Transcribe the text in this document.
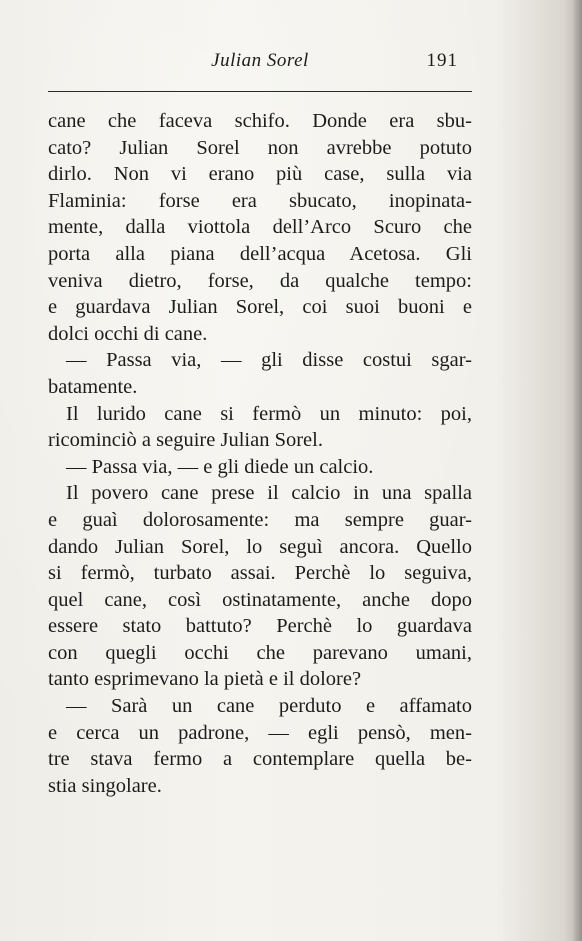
Julian Sorel	191
cane che faceva schifo. Donde era sbu-
cato? Julian Sorel non avrebbe potuto
dirlo. Non vi erano più case, sulla via
Flaminia: forse era sbucato, inopinata-
mente, dalla viottola dell’Arco Scuro che
porta alla piana dell’acqua Acetosa. Gli
veniva dietro, forse, da qualche tempo:
e guardava Julian Sorel, coi suoi buoni e
dolci occhi di cane.
— Passa via, — gli disse costui sgar-
batamente.
Il lurido cane si fermò un minuto: poi,
ricominciò a seguire Julian Sorel.
— Passa via, — e gli diede un calcio.
Il povero cane prese il calcio in una spalla
e guaì dolorosamente: ma sempre guar-
dando Julian Sorel, lo seguì ancora. Quello
si fermò, turbato assai. Perchè lo seguiva,
quel cane, così ostinatamente, anche dopo
essere stato battuto? Perchè lo guardava
con quegli occhi che parevano umani,
tanto esprimevano la pietà e il dolore?
— Sarà un cane perduto e affamato
e cerca un padrone, — egli pensò, men-
tre stava fermo a contemplare quella be-
stia singolare.
